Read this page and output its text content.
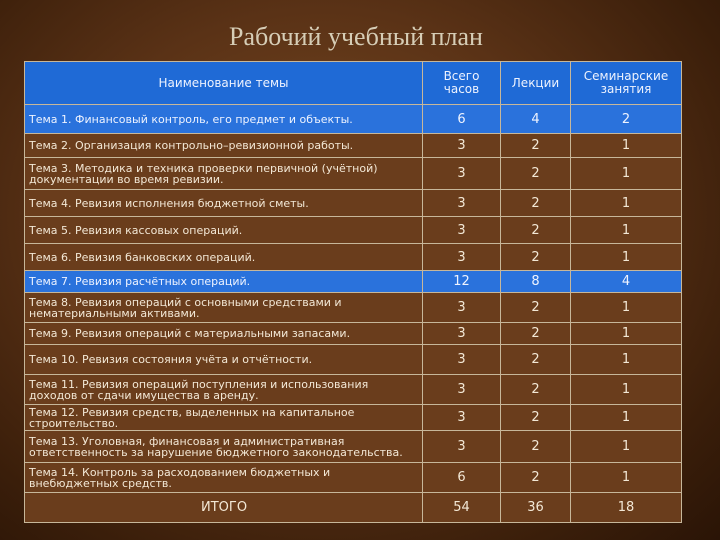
Рабочий учебный план
Наименование темы	Всего часов	Лекции	Семинарские занятия
Тема 1. Финансовый контроль, его предмет и объекты.	6	4	2
Тема 2. Организация контрольно–ревизионной работы.	3	2	1
Тема 3. Методика и техника проверки первичной (учётной) документации во время ревизии.	3	2	1
Тема 4. Ревизия исполнения бюджетной сметы.	3	2	1
Тема 5. Ревизия кассовых операций.	3	2	1
Тема 6. Ревизия банковских операций.	3	2	1
Тема 7. Ревизия расчётных операций.	12	8	4
Тема 8. Ревизия операций с основными средствами и нематериальными активами.	3	2	1
Тема 9. Ревизия операций с материальными запасами.	3	2	1
Тема 10. Ревизия состояния учёта и отчётности.	3	2	1
Тема 11. Ревизия операций поступления и использования доходов от сдачи имущества в аренду.	3	2	1
Тема 12. Ревизия средств, выделенных на капитальное строительство.	3	2	1
Тема 13. Уголовная, финансовая и административная ответственность за нарушение бюджетного законодательства.	3	2	1
Тема 14. Контроль за расходованием бюджетных и внебюджетных средств.	6	2	1
ИТОГО	54	36	18
